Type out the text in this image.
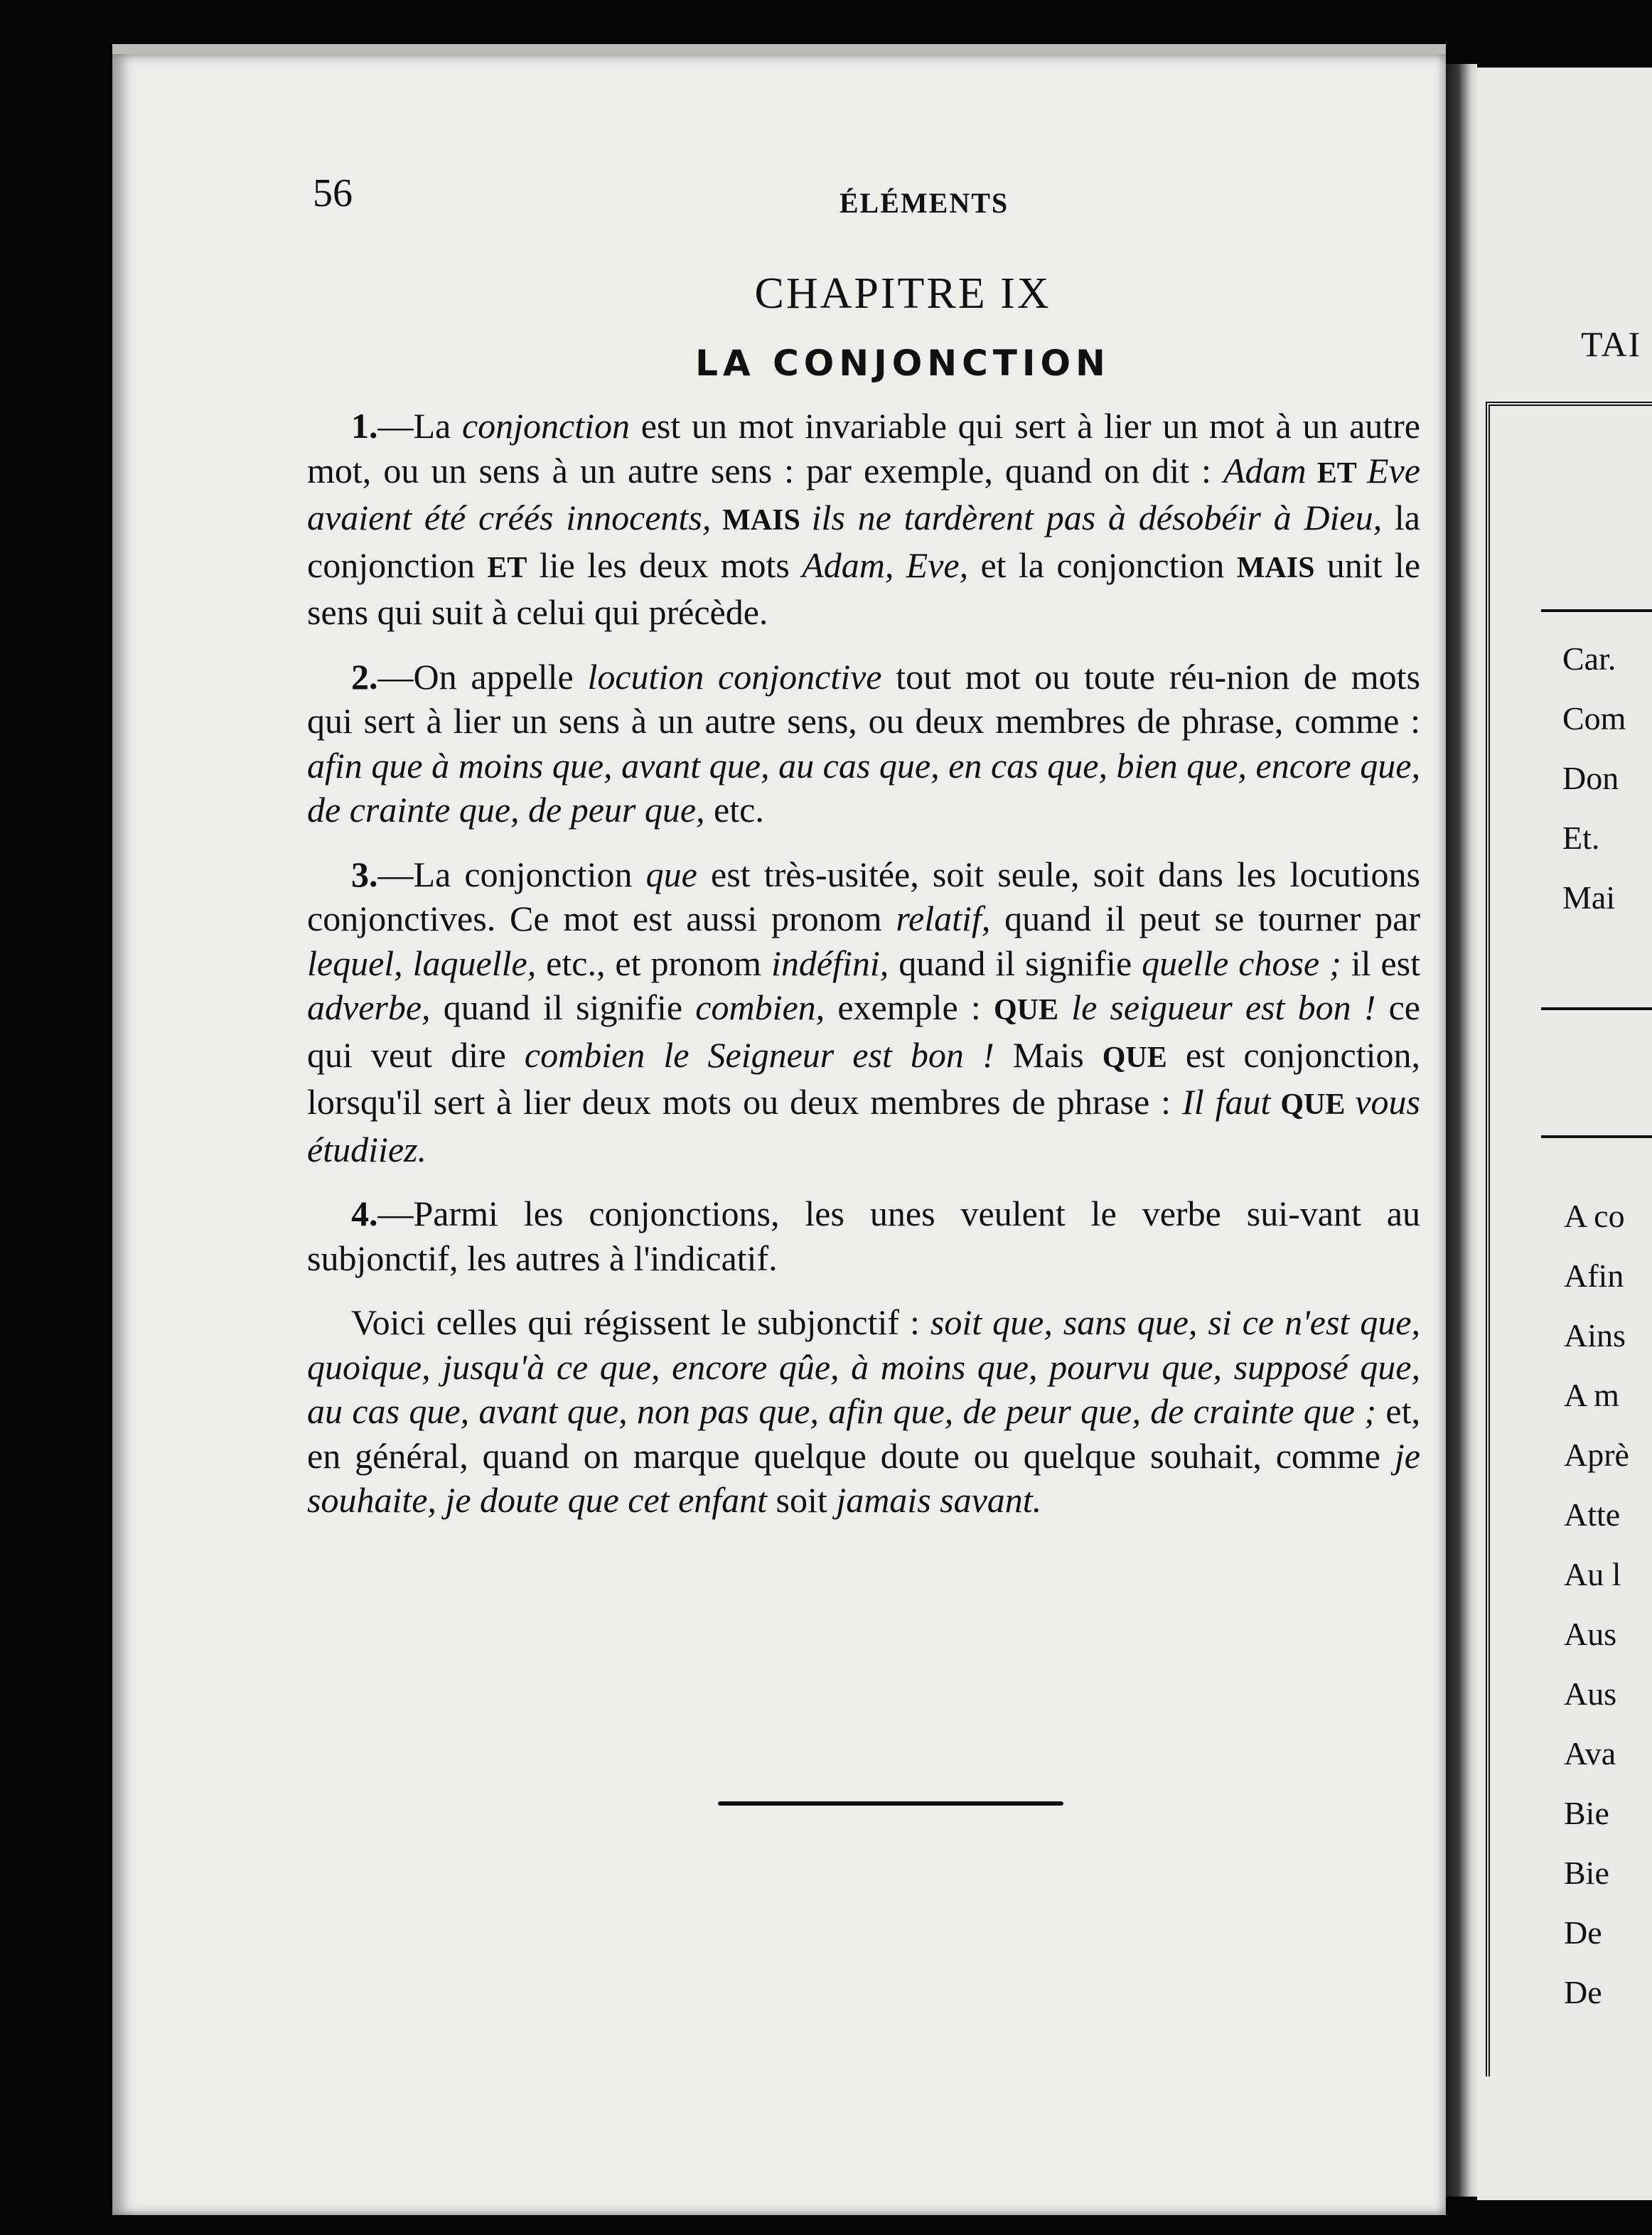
56	ÉLÉMENTS
CHAPITRE IX
LA CONJONCTION

1.—La conjonction est un mot invariable qui sert à lier un mot à un autre mot, ou un sens à un autre sens : par exemple, quand on dit : Adam ET Eve avaient été créés innocents, MAIS ils ne tardèrent pas à désobéir à Dieu, la conjonction ET lie les deux mots Adam, Eve, et la conjonction MAIS unit le sens qui suit à celui qui précède.

2.—On appelle locution conjonctive tout mot ou toute réu-nion de mots qui sert à lier un sens à un autre sens, ou deux membres de phrase, comme : afin que à moins que, avant que, au cas que, en cas que, bien que, encore que, de crainte que, de peur que, etc.

3.—La conjonction que est très-usitée, soit seule, soit dans les locutions conjonctives. Ce mot est aussi pronom relatif, quand il peut se tourner par lequel, laquelle, etc., et pronom indéfini, quand il signifie quelle chose ; il est adverbe, quand il signifie combien, exemple : QUE le seigueur est bon ! ce qui veut dire combien le Seigneur est bon ! Mais QUE est conjonction, lorsqu'il sert à lier deux mots ou deux membres de phrase : Il faut QUE vous étudiiez.

4.—Parmi les conjonctions, les unes veulent le verbe sui-vant au subjonctif, les autres à l'indicatif.

Voici celles qui régissent le subjonctif : soit que, sans que, si ce n'est que, quoique, jusqu'à ce que, encore qûe, à moins que, pourvu que, supposé que, au cas que, avant que, non pas que, afin que, de peur que, de crainte que ; et, en général, quand on marque quelque doute ou quelque souhait, comme je souhaite, je doute que cet enfant soit jamais savant.

TAI
Car.
Com
Don
Et.
Mai
A co
Afin
Ains
A m
Aprè
Atte
Au l
Aus
Aus
Ava
Bie
Bie
De
De
